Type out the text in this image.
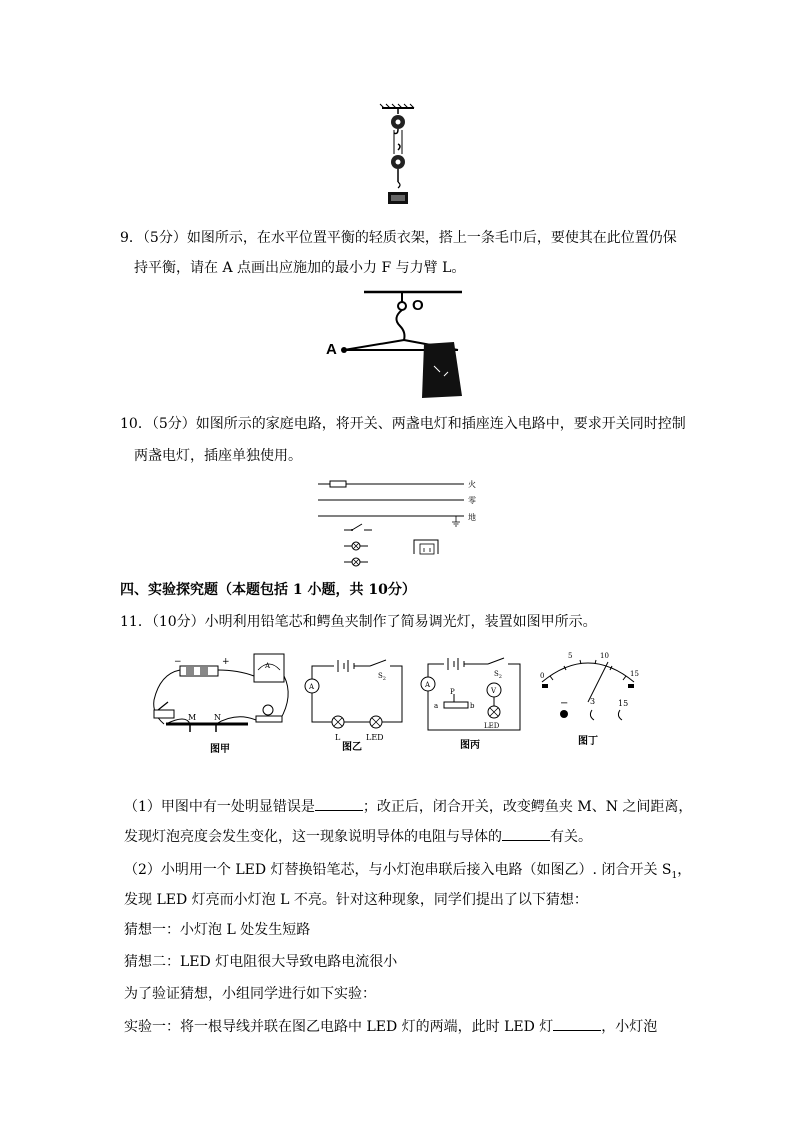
9．（5分）如图所示，在水平位置平衡的轻质衣架，搭上一条毛巾后，要使其在此位置仍保
持平衡，请在 A 点画出应施加的最小力 F 与力臂 L。
O
A
10．（5分）如图所示的家庭电路，将开关、两盏电灯和插座连入电路中，要求开关同时控制
两盏电灯，插座单独使用。
火
零
地
四、实验探究题（本题包括 1 小题，共 10分）
11．（10分）小明利用铅笔芯和鳄鱼夹制作了简易调光灯，装置如图甲所示。
−	+	A
M N
图甲
$S_2$
A
L	LED
图乙
$S_2$
A
P
a	b
V
LED
图丙
0
5	10
15
−	3	15
图丁
（1）甲图中有一处明显错误是	；改正后，闭合开关，改变鳄鱼夹 M、N 之间距离，
发现灯泡亮度会发生变化，这一现象说明导体的电阻与导体的	有关。
（2）小明用一个 LED 灯替换铅笔芯，与小灯泡串联后接入电路（如图乙）. 闭合开关 $S_1$，
发现 LED 灯亮而小灯泡 L 不亮。针对这种现象，同学们提出了以下猜想：
猜想一：小灯泡 L 处发生短路
猜想二：LED 灯电阻很大导致电路电流很小
为了验证猜想，小组同学进行如下实验：
实验一：将一根导线并联在图乙电路中 LED 灯的两端，此时 LED 灯	，小灯泡
